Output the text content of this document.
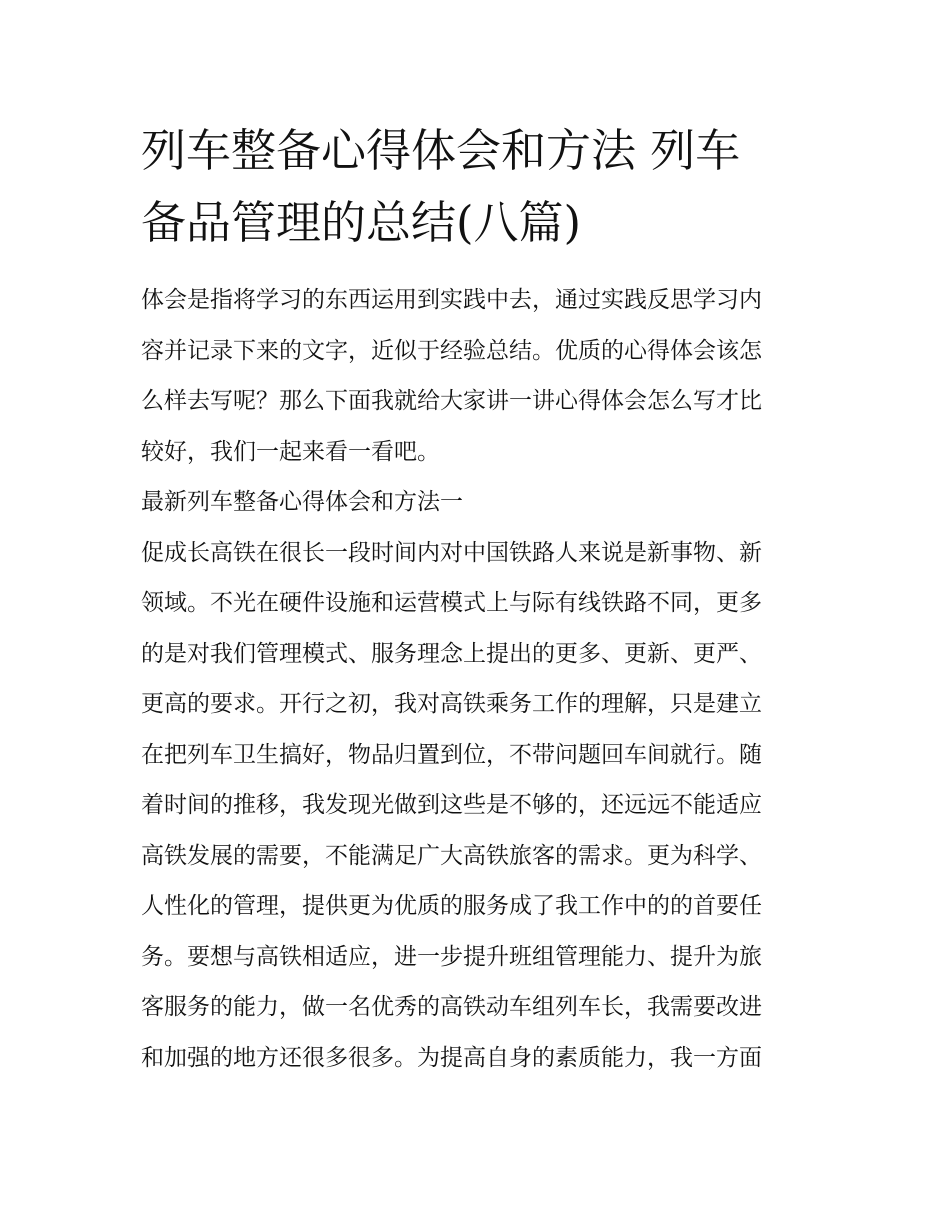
列车整备心得体会和方法 列车
备品管理的总结(八篇)
体会是指将学习的东西运用到实践中去，通过实践反思学习内
容并记录下来的文字，近似于经验总结。优质的心得体会该怎
么样去写呢？那么下面我就给大家讲一讲心得体会怎么写才比
较好，我们一起来看一看吧。
最新列车整备心得体会和方法一
促成长高铁在很长一段时间内对中国铁路人来说是新事物、新
领域。不光在硬件设施和运营模式上与际有线铁路不同，更多
的是对我们管理模式、服务理念上提出的更多、更新、更严、
更高的要求。开行之初，我对高铁乘务工作的理解，只是建立
在把列车卫生搞好，物品归置到位，不带问题回车间就行。随
着时间的推移，我发现光做到这些是不够的，还远远不能适应
高铁发展的需要，不能满足广大高铁旅客的需求。更为科学、
人性化的管理，提供更为优质的服务成了我工作中的的首要任
务。要想与高铁相适应，进一步提升班组管理能力、提升为旅
客服务的能力，做一名优秀的高铁动车组列车长，我需要改进
和加强的地方还很多很多。为提高自身的素质能力，我一方面
